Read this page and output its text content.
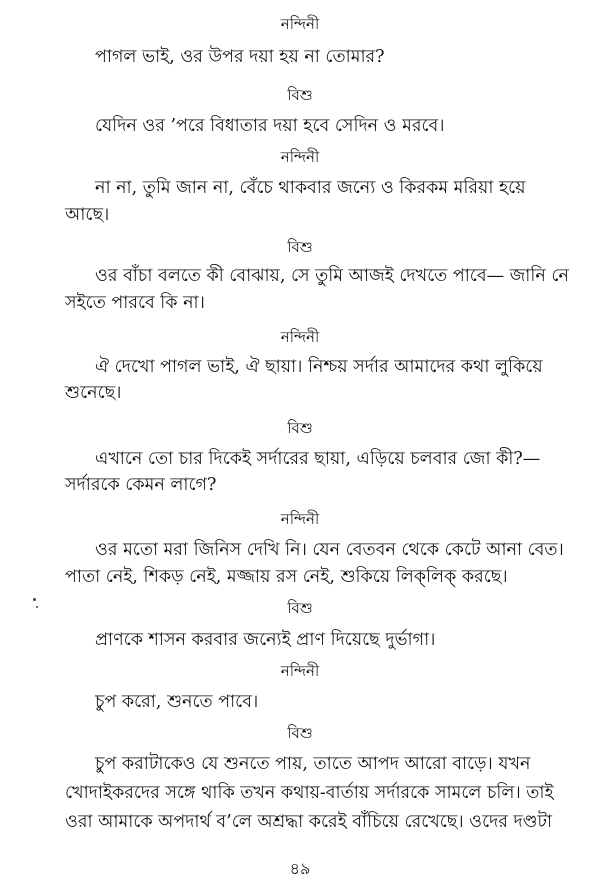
নন্দিনী
পাগল ভাই, ওর উপর দয়া হয় না তোমার?
বিশু
যেদিন ওর ’পরে বিধাতার দয়া হবে সেদিন ও মরবে।
নন্দিনী
না না, তুমি জান না, বেঁচে থাকবার জন্যে ও কিরকম মরিয়া হয়ে
আছে।
বিশু
ওর বাঁচা বলতে কী বোঝায়, সে তুমি আজই দেখতে পাবে— জানি নে
সইতে পারবে কি না।
নন্দিনী
ঐ দেখো পাগল ভাই, ঐ ছায়া। নিশ্চয় সর্দার আমাদের কথা লুকিয়ে
শুনেছে।
বিশু
এখানে তো চার দিকেই সর্দারের ছায়া, এড়িয়ে চলবার জো কী?—
সর্দারকে কেমন লাগে?
নন্দিনী
ওর মতো মরা জিনিস দেখি নি। যেন বেতবন থেকে কেটে আনা বেত।
পাতা নেই, শিকড় নেই, মজ্জায় রস নেই, শুকিয়ে লিক্‌লিক্ করছে।
বিশু
প্রাণকে শাসন করবার জন্যেই প্রাণ দিয়েছে দুর্ভাগা।
নন্দিনী
চুপ করো, শুনতে পাবে।
বিশু
চুপ করাটাকেও যে শুনতে পায়, তাতে আপদ আরো বাড়ে। যখন
খোদাইকরদের সঙ্গে থাকি তখন কথায়-বার্তায় সর্দারকে সামলে চলি। তাই
ওরা আমাকে অপদার্থ ব’লে অশ্রদ্ধা করেই বাঁচিয়ে রেখেছে। ওদের দণ্ডটা
৪৯
